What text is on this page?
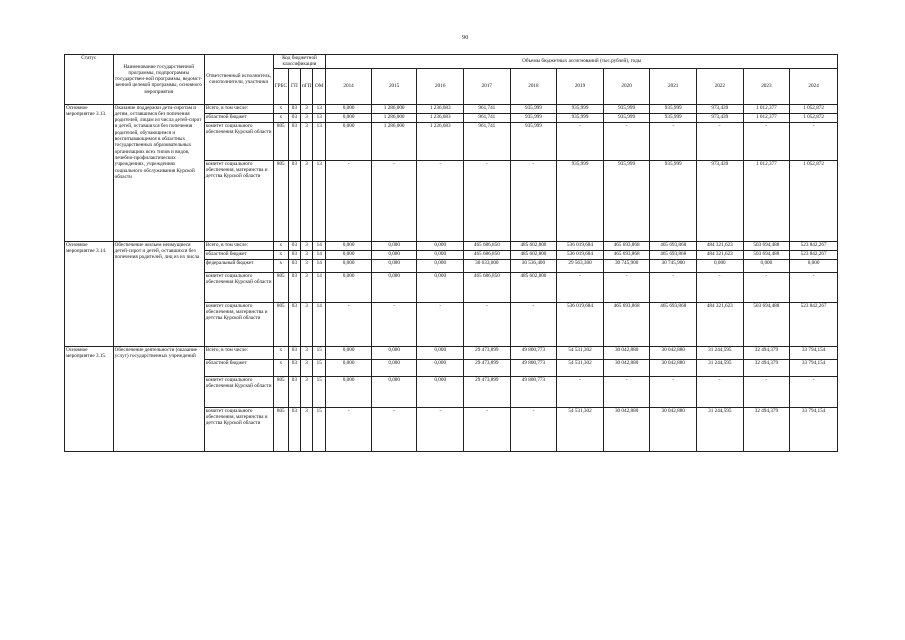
90
Статус	Наименование государственной программы, подпрограммы государствен-ной программы, ведомст-венной целевой программы, основного мероприятия	Ответственный исполнитель, соисполнители, участники	Код бюджетной классификации				Объемы бюджетных ассигнований (тыс.рублей), годы										
			ГРБС	ГП	пГП	ОМ	2014	2015	2016	2017	2018	2019	2020	2021	2022	2023	2024
Основное мероприятие 3.13.	Оказание поддержки дети-сиротам и детям, оставшимся без попечения родителей, лицам из числа детей-сирот и детей, оставшихся без попечения родителей, обучающимся и воспитывающимся в областных государственных образовательных организациях всех типов и видов, лечебно-профилактических учреждениях, учреждениях социального обслуживания Курской области	Всего, в том числе:	x	03	3	13	0,000	1 286,000	1 236,683	961,741	935,999	935,999	935,999	935,999	973,439	1 012,377	1 052,872
		областной бюджет	x	03	3	13	0,000	1 286,000	1 236,683	961,741	935,999	935,999	935,999	935,999	973,439	1 012,377	1 052,872
		комитет социального обеспечения Курской области	805	03	3	13	0,000	1 286,000	1 226,683	961,741	935,999	-	-	-	-	-	-
		комитет социального обеспечения, материнства и детства Курской области	805	03	3	13	-	-	-	-	-	935,999	935,999	935,999	973,439	1 012,377	1 052,872
Основное мероприятие 3.14.	Обеспечение жильем неимущиеся детей-сирот и детей, оставшихся без попечения родителей, лиц из их числа	Всего, в том числе:	x	03	3	14	0,000	0,000	0,000	465 686,850	485 602,800	536 019,684	465 693,868	465 693,868	484 321,623	503 694,488	523 842,267
		областной бюджет	x	03	3	14	0,000	0,000	0,000	465 686,850	485 602,800	536 019,684	465 693,868	465 693,868	484 321,623	503 694,488	523 842,267
		федеральный бюджет	x	03	3	14	0,000	0,000	0,000	30 633,000	30 536,400	29 563,300	30 745,900	30 745,900	0,000	0,000	0,000
		комитет социального обеспечения Курской области	805	03	3	14	0,000	0,000	0,000	465 686,850	485 602,800	-	-	-	-	-	-
		комитет социального обеспечения, материнства и детства Курской области	805	03	3	14	-	-	-	-	-	536 019,684	465 693,868	465 693,868	484 321,623	503 694,488	523 842,267
Основное мероприятие 3.15.	Обеспечение деятельности (оказание услуг) государственных учреждений	Всего, в том числе:	x	03	3	15	0,000	0,000	0,000	29 473,899	49 800,773	54 531,302	30 042,880	30 042,880	31 244,595	32 494,379	33 794,154
		областной бюджет	x	03	3	15	0,000	0,000	0,000	29 473,899	49 800,773	54 531,302	30 042,880	30 042,880	31 244,595	32 494,379	33 794,154
		комитет социального обеспечения Курской области	805	03	3	15	0,000	0,000	0,000	29 473,899	49 800,773	-	-	-	-	-	-
		комитет социального обеспечения, материнства и детства Курской области	805	03	3	15	-	-	-	-	-	54 531,302	30 042,880	30 042,880	31 244,595	32 494,379	33 794,154
